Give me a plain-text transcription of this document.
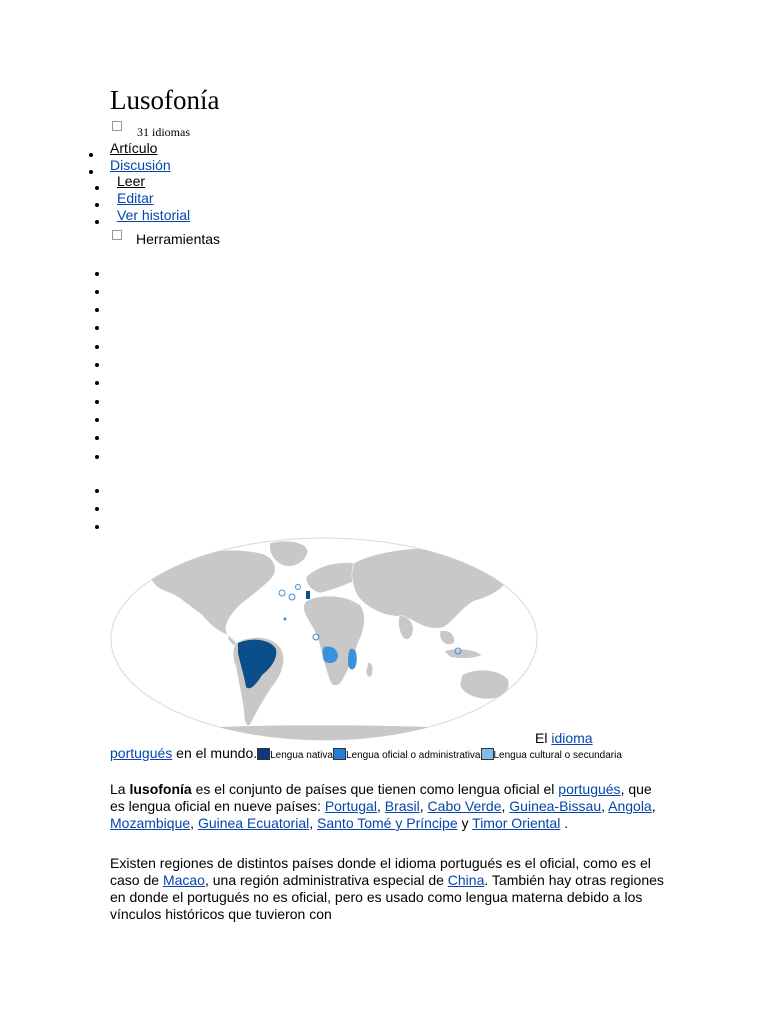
Lusofonía
31 idiomas
Artículo
Discusión
Leer
Editar
Ver historial
Herramientas
El idioma
portugués en el mundo. Lengua nativa Lengua oficial o administrativa Lengua cultural o secundaria
La lusofonía es el conjunto de países que tienen como lengua oficial el portugués, que es lengua oficial en nueve países: Portugal, Brasil, Cabo Verde, Guinea-Bissau, Angola, Mozambique, Guinea Ecuatorial, Santo Tomé y Príncipe y Timor Oriental .
Existen regiones de distintos países donde el idioma portugués es el oficial, como es el caso de Macao, una región administrativa especial de China. También hay otras regiones en donde el portugués no es oficial, pero es usado como lengua materna debido a los vínculos históricos que tuvieron con
